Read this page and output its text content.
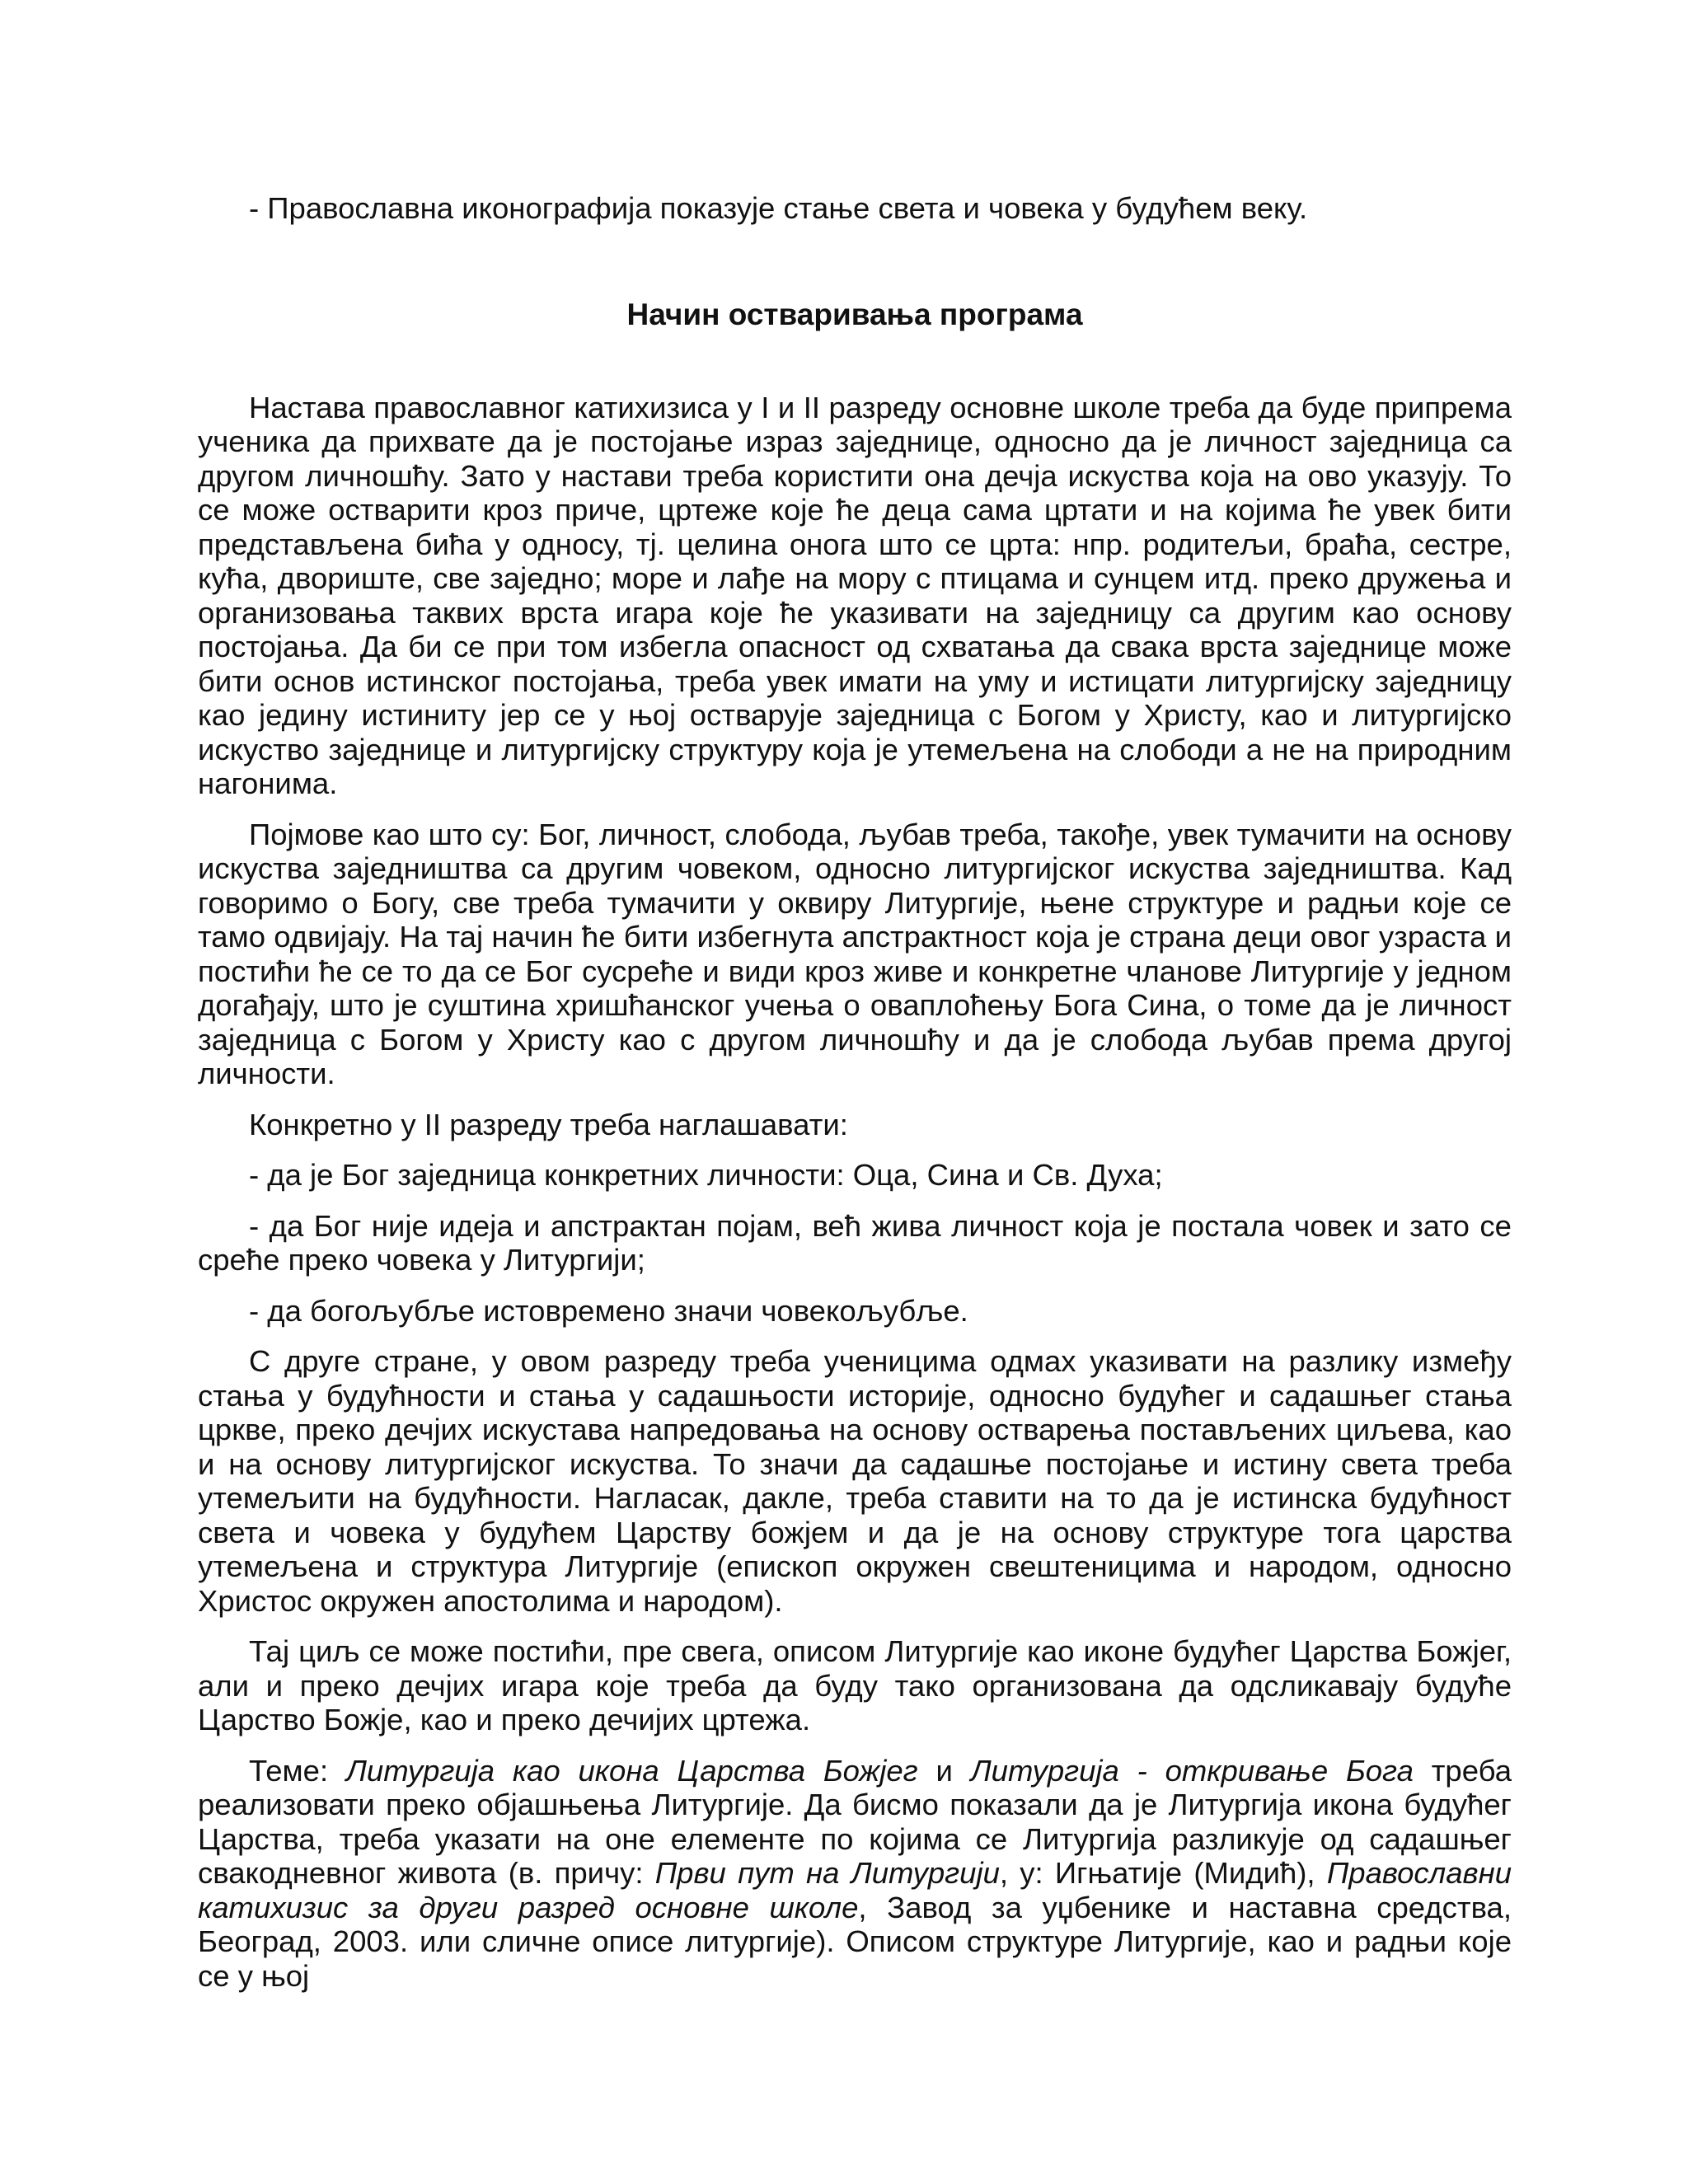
- Православна иконографија показује стање света и човека у будућем веку.

Начин остваривања програма

Настава православног катихизиса у I и II разреду основне школе треба да буде припрема ученика да прихвате да је постојање израз заједнице, односно да је личност заједница са другом личношћу. Зато у настави треба користити она дечја искуства која на ово указују. То се може остварити кроз приче, цртеже које ће деца сама цртати и на којима ће увек бити представљена бића у односу, тј. целина онога што се црта: нпр. родитељи, браћа, сестре, кућа, двориште, све заједно; море и лађе на мору с птицама и сунцем итд. преко дружења и организовања таквих врста игара које ће указивати на заједницу са другим као основу постојања. Да би се при том избегла опасност од схватања да свака врста заједнице може бити основ истинског постојања, треба увек имати на уму и истицати литургијску заједницу као једину истиниту јер се у њој остварује заједница с Богом у Христу, као и литургијско искуство заједнице и литургијску структуру која је утемељена на слободи а не на природним нагонима.

Појмове као што су: Бог, личност, слобода, љубав треба, такође, увек тумачити на основу искуства заједништва са другим човеком, односно литургијског искуства заједништва. Кад говоримо о Богу, све треба тумачити у оквиру Литургије, њене структуре и радњи које се тамо одвијају. На тај начин ће бити избегнута апстрактност која је страна деци овог узраста и постићи ће се то да се Бог сусреће и види кроз живе и конкретне чланове Литургије у једном догађају, што је суштина хришћанског учења о оваплоћењу Бога Сина, о томе да је личност заједница с Богом у Христу као с другом личношћу и да је слобода љубав према другој личности.

Конкретно у II разреду треба наглашавати:

- да је Бог заједница конкретних личности: Оца, Сина и Св. Духа;

- да Бог није идеја и апстрактан појам, већ жива личност која је постала човек и зато се среће преко човека у Литургији;

- да богољубље истовремено значи човекољубље.

С друге стране, у овом разреду треба ученицима одмах указивати на разлику између стања у будућности и стања у садашњости историје, односно будућег и садашњег стања цркве, преко дечјих искустава напредовања на основу остварења постављених циљева, као и на основу литургијског искуства. То значи да садашње постојање и истину света треба утемељити на будућности. Нагласак, дакле, треба ставити на то да је истинска будућност света и човека у будућем Царству божјем и да је на основу структуре тога царства утемељена и структура Литургије (епископ окружен свештеницима и народом, односно Христос окружен апостолима и народом).

Тај циљ се може постићи, пре свега, описом Литургије као иконе будућег Царства Божјег, али и преко дечјих игара које треба да буду тако организована да одсликавају будуће Царство Божје, као и преко дечијих цртежа.

Теме: Литургија као икона Царства Божјег и Литургија - откривање Бога треба реализовати преко објашњења Литургије. Да бисмо показали да је Литургија икона будућег Царства, треба указати на оне елементе по којима се Литургија разликује од садашњег свакодневног живота (в. причу: Први пут на Литургији, у: Игњатије (Мидић), Православни катихизис за други разред основне школе, Завод за уџбенике и наставна средства, Београд, 2003. или сличне описе литургије). Описом структуре Литургије, као и радњи које се у њој
